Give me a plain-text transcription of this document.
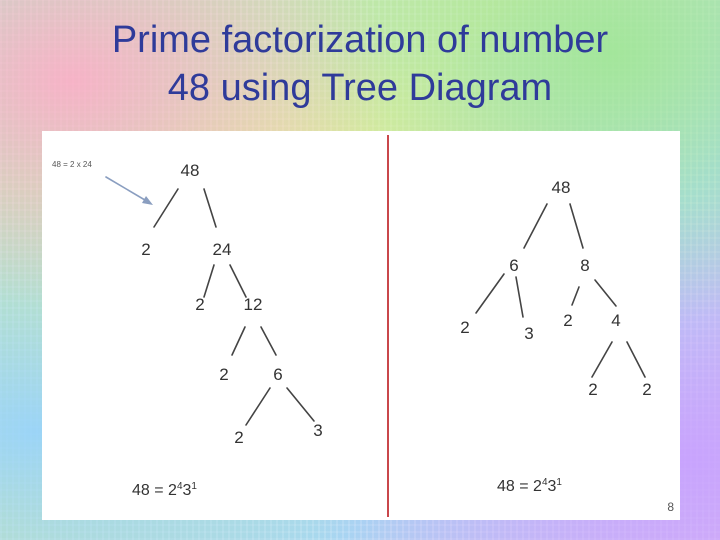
Prime factorization of number
48 using Tree Diagram
48 = 2 x 24	48
2	24
2 12
2	6
2	3
$48 = 2^43^1$
48
6	8
2	3
2 4
2	2
$48 = 2^43^1$
8
